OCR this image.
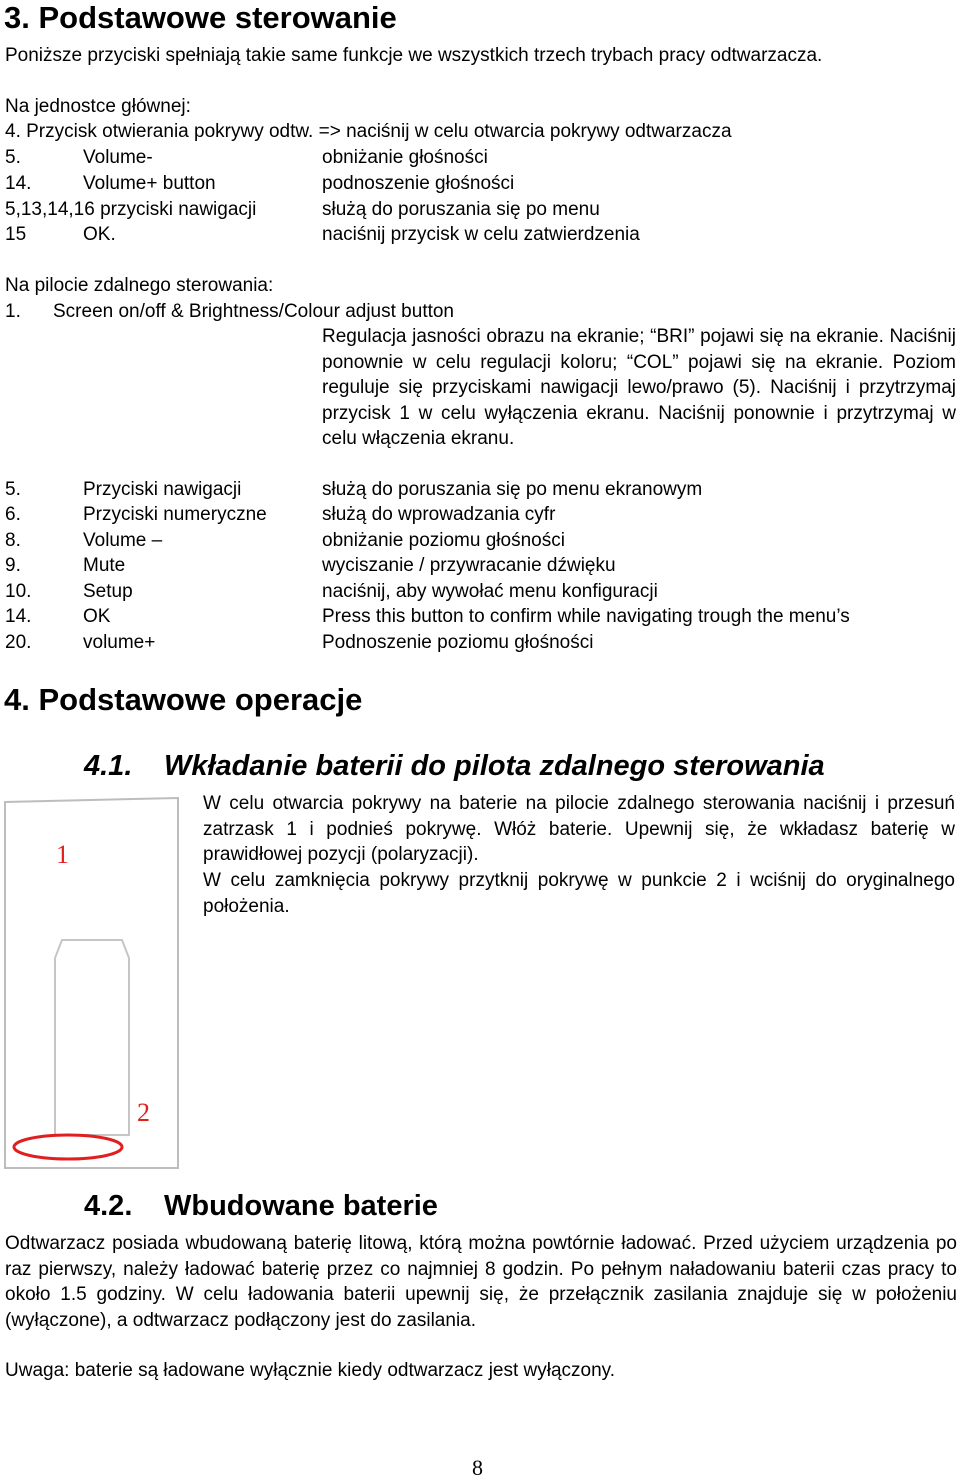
3. Podstawowe sterowanie
Poniższe przyciski spełniają takie same funkcje we wszystkich trzech trybach pracy odtwarzacza.
Na jednostce głównej:
4. Przycisk otwierania pokrywy odtw. => naciśnij w celu otwarcia pokrywy odtwarzacza
5.	Volume-	obniżanie głośności
14.	Volume+ button	podnoszenie głośności
5,13,14,16 przyciski nawigacji	służą do poruszania się po menu
15	OK.	naciśnij przycisk w celu zatwierdzenia
Na pilocie zdalnego sterowania:
1. Screen on/off & Brightness/Colour adjust button
Regulacja jasności obrazu na ekranie; “BRI” pojawi się na ekranie. Naciśnij ponownie w celu regulacji koloru; “COL” pojawi się na ekranie. Poziom reguluje się przyciskami nawigacji lewo/prawo (5). Naciśnij i przytrzymaj przycisk 1 w celu wyłączenia ekranu. Naciśnij ponownie i przytrzymaj w celu włączenia ekranu.
5.	Przyciski nawigacji	służą do poruszania się po menu ekranowym
6.	Przyciski numeryczne	służą do wprowadzania cyfr
8.	Volume –	obniżanie poziomu głośności
9.	Mute	wyciszanie / przywracanie dźwięku
10.	Setup	naciśnij, aby wywołać menu konfiguracji
14.	OK	Press this button to confirm while navigating trough the menu’s
20.	volume+	Podnoszenie poziomu głośności
4. Podstawowe operacje
4.1. Wkładanie baterii do pilota zdalnego sterowania
1
2
W celu otwarcia pokrywy na baterie na pilocie zdalnego sterowania naciśnij i przesuń zatrzask 1 i podnieś pokrywę. Włóż baterie. Upewnij się, że wkładasz baterię w prawidłowej pozycji (polaryzacji).
W celu zamknięcia pokrywy przytknij pokrywę w punkcie 2 i wciśnij do oryginalnego położenia.
4.2. Wbudowane baterie
Odtwarzacz posiada wbudowaną baterię litową, którą można powtórnie ładować. Przed użyciem urządzenia po raz pierwszy, należy ładować baterię przez co najmniej 8 godzin. Po pełnym naładowaniu baterii czas pracy to około 1.5 godziny. W celu ładowania baterii upewnij się, że przełącznik zasilania znajduje się w położeniu (wyłączone), a odtwarzacz podłączony jest do zasilania.
Uwaga: baterie są ładowane wyłącznie kiedy odtwarzacz jest wyłączony.
8
